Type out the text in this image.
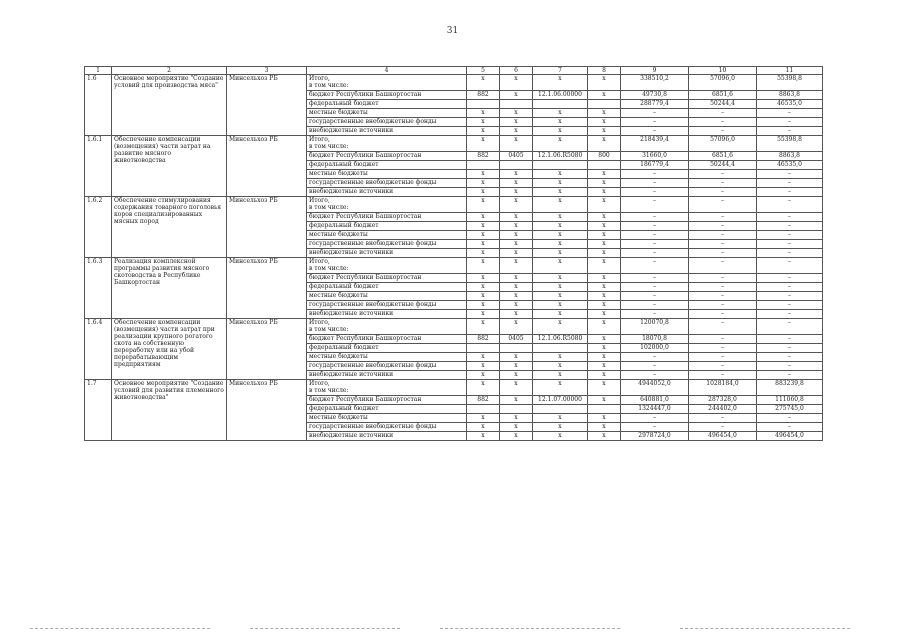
31
1	2	3	4	5	6	7	8	9	10	11
1.6	Основное мероприятие "Создание условий для производства мяса"	Минсельхоз РБ	Итого,
в том числе:	x	x	x	x	338510,2	57096,0	55398,8
			бюджет Республики Башкортостан	882	x	12.1.06.00000	x	49730,8	6851,6	8863,8
			федеральный бюджет					288779,4	50244,4	46535,0
			местные бюджеты	x	x	x	x	–	–	–
			государственные внебюджетные фонды	x	x	x	x	–	–	–
			внебюджетные источники	x	x	x	x	–	–	–
1.6.1	Обеспечение компенсации (возмещения) части затрат на развитие мясного животноводства	Минсельхоз РБ	Итого,
в том числе:	x	x	x	x	218439,4	57096,0	55398,8
			бюджет Республики Башкортостан	882	0405	12.1.06.R5080	800	31660,0	6851,6	8863,8
			федеральный бюджет					186779,4	50244,4	46535,0
			местные бюджеты	x	x	x	x	–	–	–
			государственные внебюджетные фонды	x	x	x	x	–	–	–
			внебюджетные источники	x	x	x	x	–	–	–
1.6.2	Обеспечение стимулирования содержания товарного поголовья коров специализированных мясных пород	Минсельхоз РБ	Итого,
в том числе:	x	x	x	x	–	–	–
			бюджет Республики Башкортостан	x	x	x	x	–	–	–
			федеральный бюджет	x	x	x	x	–	–	–
			местные бюджеты	x	x	x	x	–	–	–
			государственные внебюджетные фонды	x	x	x	x	–	–	–
			внебюджетные источники	x	x	x	x	–	–	–
1.6.3	Реализация комплексной программы развития мясного скотоводства в Республике Башкортостан	Минсельхоз РБ	Итого,
в том числе:	x	x	x	x	–	–	–
			бюджет Республики Башкортостан	x	x	x	x	–	–	–
			федеральный бюджет	x	x	x	x	–	–	–
			местные бюджеты	x	x	x	x	–	–	–
			государственные внебюджетные фонды	x	x	x	x	–	–	–
			внебюджетные источники	x	x	x	x	–	–	–
1.6.4	Обеспечение компенсации (возмещения) части затрат при реализации крупного рогатого скота на собственную переработку или на убой перерабатывающим предприятиям	Минсельхоз РБ	Итого,
в том числе:	x	x	x	x	120070,8	–	–
			бюджет Республики Башкортостан	882	0405	12.1.06.R5080	x	18070,8	–	–
			федеральный бюджет				x	102000,0	–	–
			местные бюджеты	x	x	x	x	–	–	–
			государственные внебюджетные фонды	x	x	x	x	–	–	–
			внебюджетные источники	x	x	x	x	–	–	–
1.7	Основное мероприятие "Создание условий для развития племенного животноводства"	Минсельхоз РБ	Итого,
в том числе:	x	x	x	x	4944052,0	1028184,0	883239,8
			бюджет Республики Башкортостан	882	x	12.1.07.00000	x	640881,0	287328,0	111060,8
			федеральный бюджет					1324447,0	244402,0	275745,0
			местные бюджеты	x	x	x	x	–	–	–
			государственные внебюджетные фонды	x	x	x	x	–	–	–
			внебюджетные источники	x	x	x	x	2978724,0	496454,0	496454,0
